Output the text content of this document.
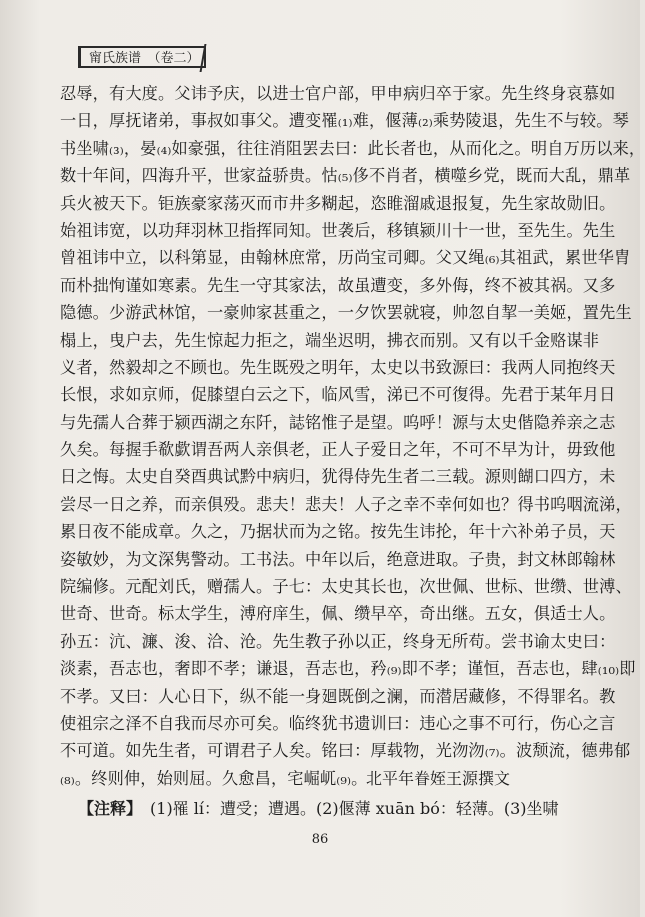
甯氏族谱　（卷二）
忍辱，有大度。父讳予庆，以进士官户部，甲申病归卒于家。先生终身哀慕如
一日，厚抚诸弟，事叔如事父。遭变罹₍₁₎难，偃薄₍₂₎乘势陵退，先生不与较。琴
书坐啸₍₃₎，晏₍₄₎如豪强，往往消阻罢去曰：此长者也，从而化之。明自万历以来，
数十年间，四海升平，世家益骄贵。怙₍₅₎侈不肖者，横噬乡党，既而大乱，鼎革
兵火被天下。钜族豪家荡灭而市井多糊起，恣睢溜戚退报复，先生家故勋旧。
始祖讳宽，以功拜羽林卫指挥同知。世袭后，移镇颍川十一世，至先生。先生
曾祖讳中立，以科第显，由翰林庶常，历尚宝司卿。父又绳₍₆₎其祖武，累世华胄
而朴拙恂谨如寒素。先生一守其家法，故虽遭变，多外侮，终不被其祸。又多
隐德。少游武林馆，一豪帅家甚重之，一夕饮罢就寝，帅忽自挈一美姬，置先生
榻上，曳户去，先生惊起力拒之，端坐迟明，拂衣而别。又有以千金赂谋非
义者，然毅却之不顾也。先生既殁之明年，太史以书致源曰：我两人同抱终天
长恨，求如京师，促膝望白云之下，临风雪，涕已不可復得。先君于某年月日
与先孺人合葬于颍西湖之东阡，誌铭惟子是望。呜呼！源与太史偕隐养亲之志
久矣。每握手欷歔谓吾两人亲俱老，正人子爱日之年，不可不早为计，毋致他
日之悔。太史自癸酉典试黔中病归，犹得侍先生者二三载。源则餬口四方，未
尝尽一日之养，而亲俱殁。悲夫！悲夫！人子之幸不幸何如也？得书呜咽流涕，
累日夜不能成章。久之，乃据状而为之铭。按先生讳抡，年十六补弟子员，天
姿敏妙，为文深隽警动。工书法。中年以后，绝意进取。子贵，封文林郎翰林
院编修。元配刘氏，赠孺人。子七：太史其长也，次世佩、世标、世缵、世溥、
世奇、世奇。标太学生，溥府庠生，佩、缵早卒，奇出继。五女，俱适士人。
孙五：沆、濂、浚、洽、沧。先生教子孙以正，终身无所苟。尝书谕太史曰：
淡素，吾志也，奢即不孝；谦退，吾志也，矜₍₉₎即不孝；谨恒，吾志也，肆₍₁₀₎即
不孝。又曰：人心日下，纵不能一身廻既倒之澜，而潜居藏修，不得罪名。教
使祖宗之泽不自我而尽亦可矣。临终犹书遗训曰：违心之事不可行，伤心之言
不可道。如先生者，可谓君子人矣。铭曰：厚载物，光沕沕₍₇₎。波颓流，德弗郁
₍₈₎。终则伸，始则屈。久愈昌，宅崛屼₍₉₎。
北平年眷姪王源撰文
【注释】 (1)罹 lí：遭受；遭遇。(2)偃薄 xuān bó：轻薄。(3)坐啸
86
